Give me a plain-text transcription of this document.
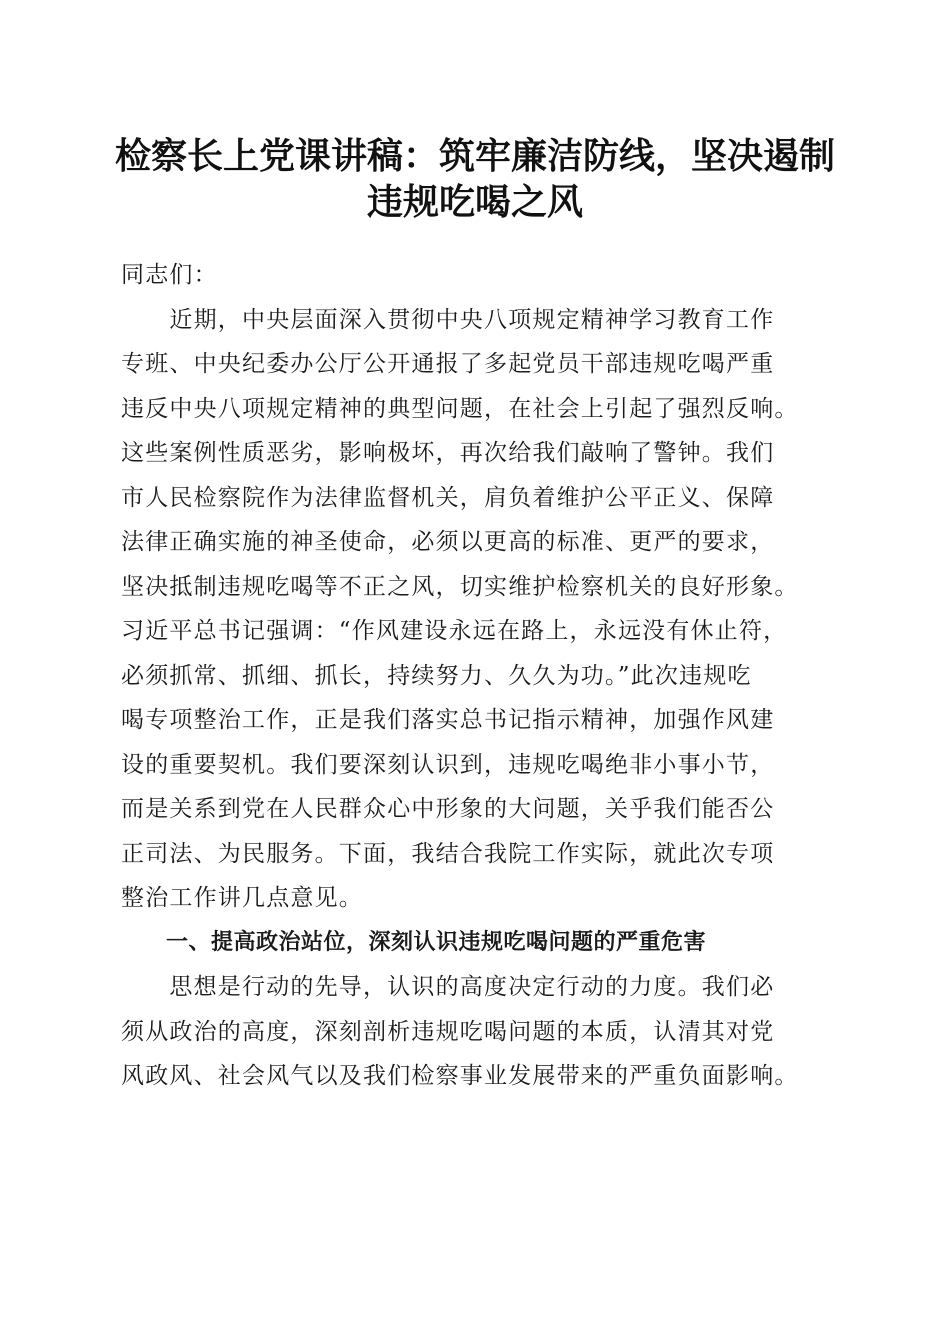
检察长上党课讲稿：筑牢廉洁防线，坚决遏制
违规吃喝之风
同志们：
　　近期，中央层面深入贯彻中央八项规定精神学习教育工作
专班、中央纪委办公厅公开通报了多起党员干部违规吃喝严重
违反中央八项规定精神的典型问题，在社会上引起了强烈反响。
这些案例性质恶劣，影响极坏，再次给我们敲响了警钟。我们
市人民检察院作为法律监督机关，肩负着维护公平正义、保障
法律正确实施的神圣使命，必须以更高的标准、更严的要求，
坚决抵制违规吃喝等不正之风，切实维护检察机关的良好形象。
习近平总书记强调：“作风建设永远在路上，永远没有休止符，
必须抓常、抓细、抓长，持续努力、久久为功。”此次违规吃
喝专项整治工作，正是我们落实总书记指示精神，加强作风建
设的重要契机。我们要深刻认识到，违规吃喝绝非小事小节，
而是关系到党在人民群众心中形象的大问题，关乎我们能否公
正司法、为民服务。下面，我结合我院工作实际，就此次专项
整治工作讲几点意见。
　　一、提高政治站位，深刻认识违规吃喝问题的严重危害
　　思想是行动的先导，认识的高度决定行动的力度。我们必
须从政治的高度，深刻剖析违规吃喝问题的本质，认清其对党
风政风、社会风气以及我们检察事业发展带来的严重负面影响。
